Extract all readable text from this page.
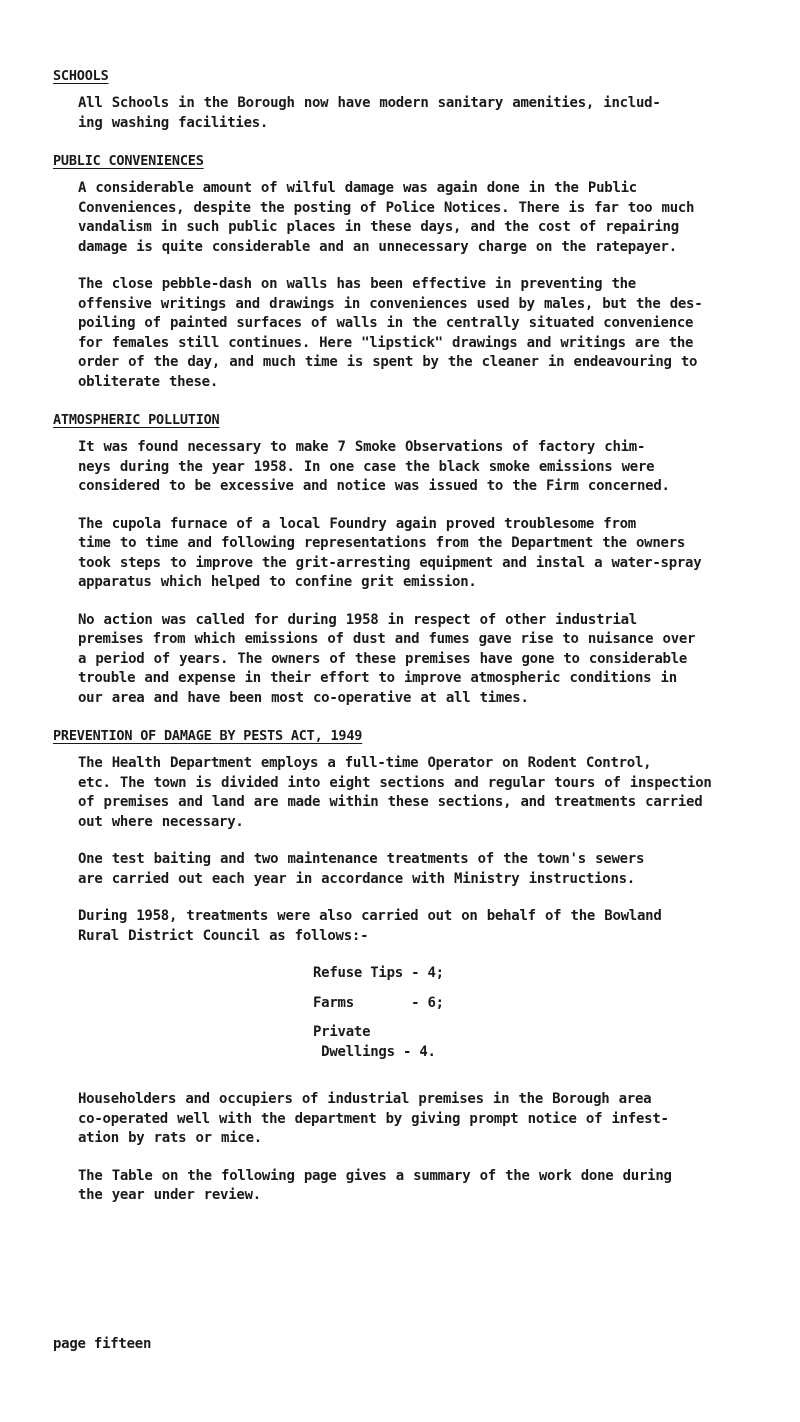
SCHOOLS

All Schools in the Borough now have modern sanitary amenities, includ-
ing washing facilities.

PUBLIC CONVENIENCES

A considerable amount of wilful damage was again done in the Public
Conveniences, despite the posting of Police Notices. There is far too much
vandalism in such public places in these days, and the cost of repairing
damage is quite considerable and an unnecessary charge on the ratepayer.

The close pebble-dash on walls has been effective in preventing the
offensive writings and drawings in conveniences used by males, but the des-
poiling of painted surfaces of walls in the centrally situated convenience
for females still continues. Here "lipstick" drawings and writings are the
order of the day, and much time is spent by the cleaner in endeavouring to
obliterate these.

ATMOSPHERIC POLLUTION

It was found necessary to make 7 Smoke Observations of factory chim-
neys during the year 1958. In one case the black smoke emissions were
considered to be excessive and notice was issued to the Firm concerned.

The cupola furnace of a local Foundry again proved troublesome from
time to time and following representations from the Department the owners
took steps to improve the grit-arresting equipment and instal a water-spray
apparatus which helped to confine grit emission.

No action was called for during 1958 in respect of other industrial
premises from which emissions of dust and fumes gave rise to nuisance over
a period of years. The owners of these premises have gone to considerable
trouble and expense in their effort to improve atmospheric conditions in
our area and have been most co-operative at all times.

PREVENTION OF DAMAGE BY PESTS ACT, 1949

The Health Department employs a full-time Operator on Rodent Control,
etc. The town is divided into eight sections and regular tours of inspection
of premises and land are made within these sections, and treatments carried
out where necessary.

One test baiting and two maintenance treatments of the town's sewers
are carried out each year in accordance with Ministry instructions.

During 1958, treatments were also carried out on behalf of the Bowland
Rural District Council as follows:-

Refuse Tips - 4;
Farms       - 6;
Private
Dwellings - 4.

Householders and occupiers of industrial premises in the Borough area
co-operated well with the department by giving prompt notice of infest-
ation by rats or mice.

The Table on the following page gives a summary of the work done during
the year under review.

page fifteen
